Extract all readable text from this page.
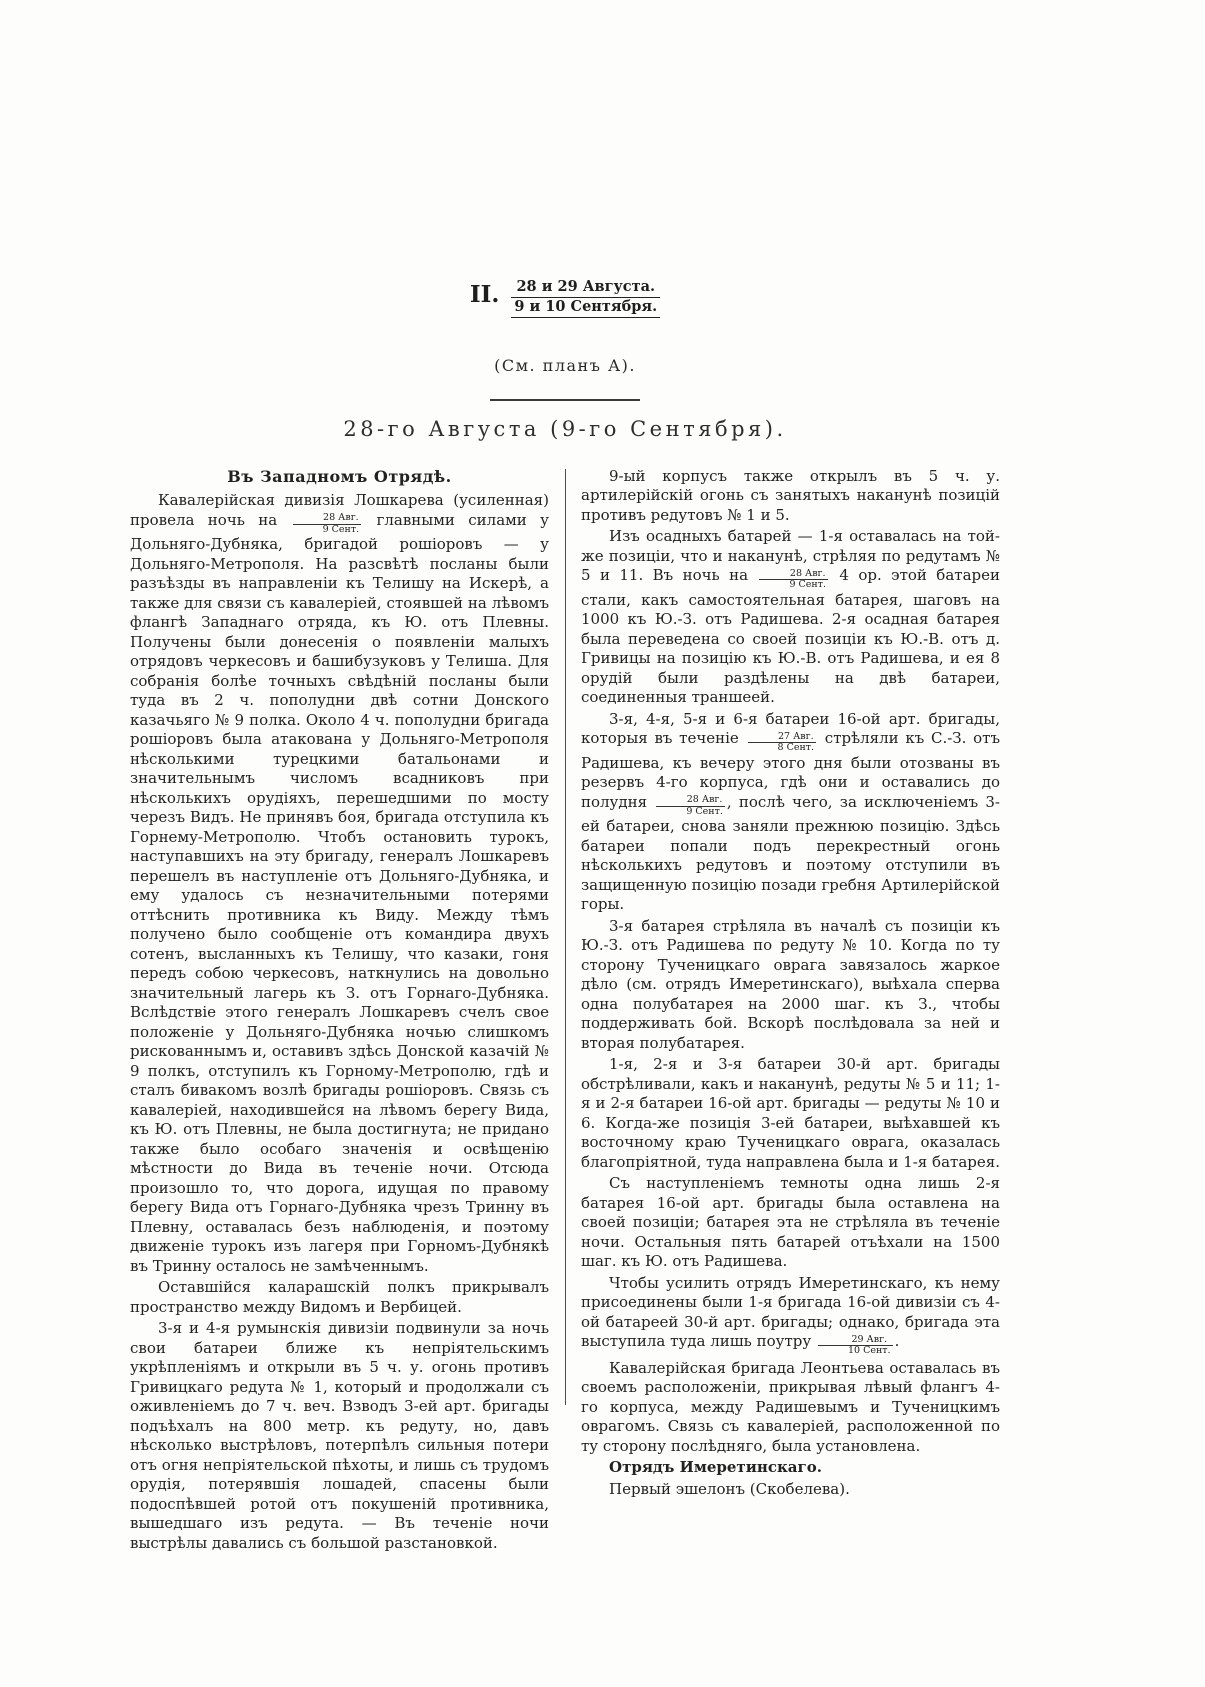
II.	28 и 29 Августа.
9 и 10 Сентября.
(См. планъ А).
28-го Августа (9-го Сентября).
Въ Западномъ Отрядѣ.

Кавалерійская дивизія Лошкарева (усиленная) провела ночь на $\frac{\text{28 Авг.}}{\text{9 Сент.}}$ главными силами у Дольняго-Дубняка, бригадой рошіоровъ — у Дольняго-Метрополя. На разсвѣтѣ посланы были разъѣзды въ направленіи къ Телишу на Искерѣ, а также для связи съ кавалеріей, стоявшей на лѣвомъ флангѣ Западнаго отряда, къ Ю. отъ Плевны. Получены были донесенія о появленіи малыхъ отрядовъ черкесовъ и башибузуковъ у Телиша. Для собранія болѣе точныхъ свѣдѣній посланы были туда въ 2 ч. пополудни двѣ сотни Донского казачьяго № 9 полка. Около 4 ч. пополудни бригада рошіоровъ была атакована у Дольняго-Метрополя нѣсколькими турецкими батальонами и значительнымъ числомъ всадниковъ при нѣсколькихъ орудіяхъ, перешедшими по мосту черезъ Видъ. Не принявъ боя, бригада отступила къ Горнему-Метрополю. Чтобъ остановить турокъ, наступавшихъ на эту бригаду, генералъ Лошкаревъ перешелъ въ наступленіе отъ Дольняго-Дубняка, и ему удалось съ незначительными потерями оттѣснить противника къ Виду. Между тѣмъ получено было сообщеніе отъ командира двухъ сотенъ, высланныхъ къ Телишу, что казаки, гоня передъ собою черкесовъ, наткнулись на довольно значительный лагерь къ З. отъ Горнаго-Дубняка. Вслѣдствіе этого генералъ Лошкаревъ счелъ свое положеніе у Дольняго-Дубняка ночью слишкомъ рискованнымъ и, оставивъ здѣсь Донской казачій № 9 полкъ, отступилъ къ Горному-Метрополю, гдѣ и сталъ бивакомъ возлѣ бригады рошіоровъ. Связь съ кавалеріей, находившейся на лѣвомъ берегу Вида, къ Ю. отъ Плевны, не была достигнута; не придано также было особаго значенія и освѣщенію мѣстности до Вида въ теченіе ночи. Отсюда произошло то, что дорога, идущая по правому берегу Вида отъ Горнаго-Дубняка чрезъ Тринну въ Плевну, оставалась безъ наблюденія, и поэтому движеніе турокъ изъ лагеря при Горномъ-Дубнякѣ въ Тринну осталось не замѣченнымъ.

Оставшійся каларашскій полкъ прикрывалъ пространство между Видомъ и Вербицей.

3-я и 4-я румынскія дивизіи подвинули за ночь свои батареи ближе къ непріятельскимъ укрѣпленіямъ и открыли въ 5 ч. у. огонь противъ Гривицкаго редута № 1, который и продолжали съ оживленіемъ до 7 ч. веч. Взводъ 3-ей арт. бригады подъѣхалъ на 800 метр. къ редуту, но, давъ нѣсколько выстрѣловъ, потерпѣлъ сильныя потери отъ огня непріятельской пѣхоты, и лишь съ трудомъ орудія, потерявшія лошадей, спасены были подоспѣвшей ротой отъ покушеній противника, вышедшаго изъ редута. — Въ теченіе ночи выстрѣлы давались съ большой разстановкой.

9-ый корпусъ также открылъ въ 5 ч. у. артилерійскій огонь съ занятыхъ наканунѣ позицій противъ редутовъ № 1 и 5.

Изъ осадныхъ батарей — 1-я оставалась на той-же позиціи, что и наканунѣ, стрѣляя по редутамъ № 5 и 11. Въ ночь на $\frac{\text{28 Авг.}}{\text{9 Сент.}} 4$ ор. этой батареи стали, какъ самостоятельная батарея, шаговъ на 1000 къ Ю.-З. отъ Радишева. 2-я осадная батарея была переведена со своей позиціи къ Ю.-В. отъ д. Гривицы на позицію къ Ю.-В. отъ Радишева, и ея 8 орудій были раздѣлены на двѣ батареи, соединенныя траншеей.

3-я, 4-я, 5-я и 6-я батареи 16-ой арт. бригады, которыя въ теченіе $\frac{\text{27 Авг.}}{\text{8 Сент.}}$ стрѣляли къ С.-З. отъ Радишева, къ вечеру этого дня были отозваны въ резервъ 4-го корпуса, гдѣ они и оставались до полудня $\frac{\text{28 Авг.}}{\text{9 Сент.}}$ , послѣ чего, за исключеніемъ 3-ей батареи, снова заняли прежнюю позицію. Здѣсь батареи попали подъ перекрестный огонь нѣсколькихъ редутовъ и поэтому отступили въ защищенную позицію позади гребня Артилерійской горы.

3-я батарея стрѣляла въ началѣ съ позиціи къ Ю.-З. отъ Радишева по редуту № 10. Когда по ту сторону Тученицкаго оврага завязалось жаркое дѣло (см. отрядъ Имеретинскаго), выѣхала сперва одна полубатарея на 2000 шаг. къ З., чтобы поддерживать бой. Вскорѣ послѣдовала за ней и вторая полубатарея.

1-я, 2-я и 3-я батареи 30-й арт. бригады обстрѣливали, какъ и наканунѣ, редуты № 5 и 11; 1-я и 2-я батареи 16-ой арт. бригады — редуты № 10 и 6. Когда-же позиція 3-ей батареи, выѣхавшей къ восточному краю Тученицкаго оврага, оказалась благопріятной, туда направлена была и 1-я батарея.

Съ наступленіемъ темноты одна лишь 2-я батарея 16-ой арт. бригады была оставлена на своей позиціи; батарея эта не стрѣляла въ теченіе ночи. Остальныя пять батарей отъѣхали на 1500 шаг. къ Ю. отъ Радишева.

Чтобы усилить отрядъ Имеретинскаго, къ нему присоединены были 1-я бригада 16-ой дивизіи съ 4-ой батареей 30-й арт. бригады; однако, бригада эта выступила туда лишь поутру $\frac{\text{29 Авг.}}{\text{10 Сент.}}$ .

Кавалерійская бригада Леонтьева оставалась въ своемъ расположеніи, прикрывая лѣвый флангъ 4-го корпуса, между Радишевымъ и Тученицкимъ оврагомъ. Связь съ кавалеріей, расположенной по ту сторону послѣдняго, была установлена.

Отрядъ Имеретинскаго.

Первый эшелонъ (Скобелева).
